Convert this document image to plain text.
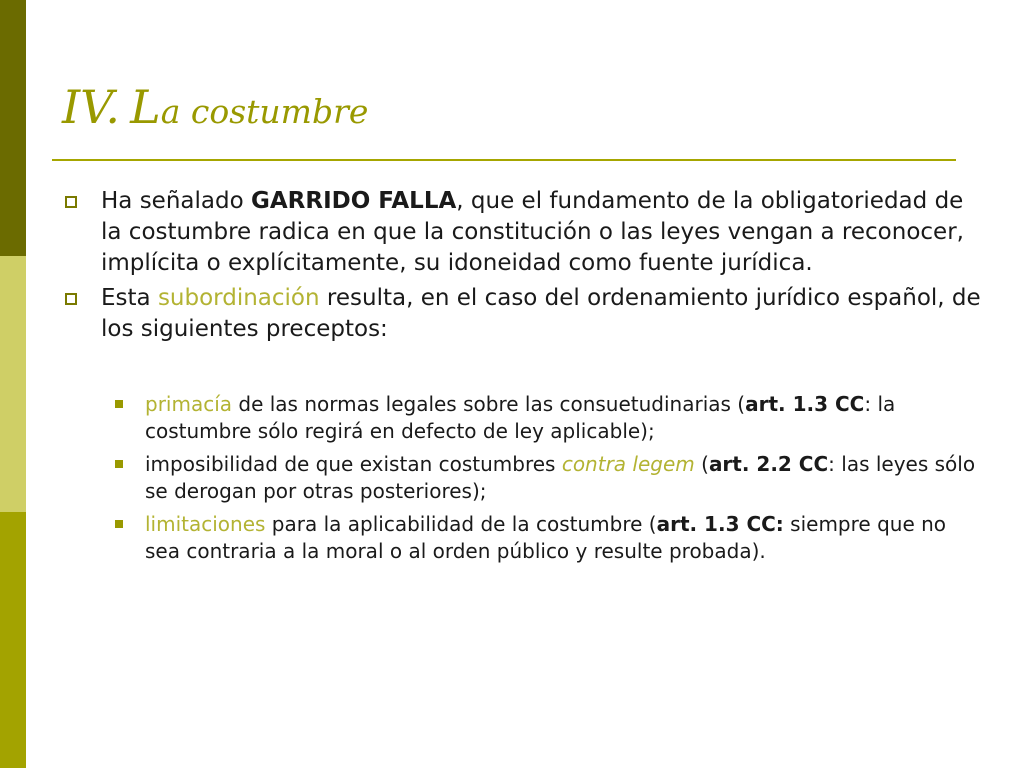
IV. La costumbre
Ha señalado GARRIDO FALLA, que el fundamento de la obligatoriedad de la costumbre radica en que la constitución o las leyes vengan a reconocer, implícita o explícitamente, su idoneidad como fuente jurídica.
Esta subordinación resulta, en el caso del ordenamiento jurídico español, de los siguientes preceptos:
primacía de las normas legales sobre las consuetudinarias (art. 1.3 CC: la costumbre sólo regirá en defecto de ley aplicable);
imposibilidad de que existan costumbres contra legem (art. 2.2 CC: las leyes sólo se derogan por otras posteriores);
limitaciones para la aplicabilidad de la costumbre (art. 1.3 CC: siempre que no sea contraria a la moral o al orden público y resulte probada).
